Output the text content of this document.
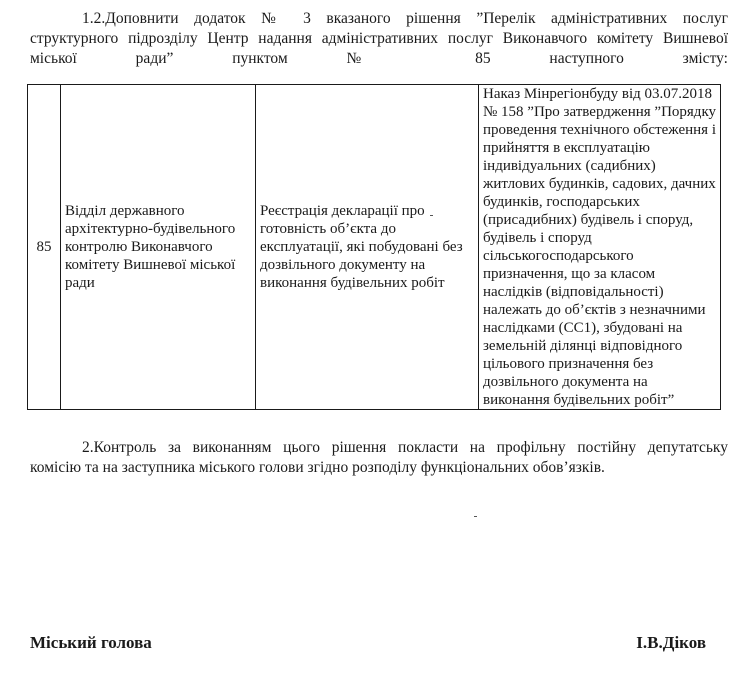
1.2.Доповнити додаток № 3 вказаного рішення ”Перелік адміністративних послуг
структурного підрозділу Центр надання адміністративних послуг Виконавчого комітету Вишневої міської ради” пунктом № 85 наступного змісту:
85	Відділ державного архітектурно-будівельного контролю Виконавчого комітету Вишневої міської ради	Реєстрація декларації про готовність об’єкта до експлуатації, які побудовані без дозвільного документу на виконання будівельних робіт	Наказ Мінрегіонбуду від 03.07.2018 № 158 ”Про затвердження ”Порядку проведення технічного обстеження і прийняття в експлуатацію індивідуальних (садибних) житлових будинків, садових, дачних будинків, господарських (присадибних) будівель і споруд, будівель і споруд сільськогосподарського призначення, що за класом наслідків (відповідальності) належать до об’єктів з незначними наслідками (СС1), збудовані на земельній ділянці відповідного цільового призначення без дозвільного документа на виконання будівельних робіт”
2.Контроль за виконанням цього рішення покласти на профільну постійну депутатську
комісію та на заступника міського голови згідно розподілу функціональних обов’язків.
Міський голова	І.В.Діков
